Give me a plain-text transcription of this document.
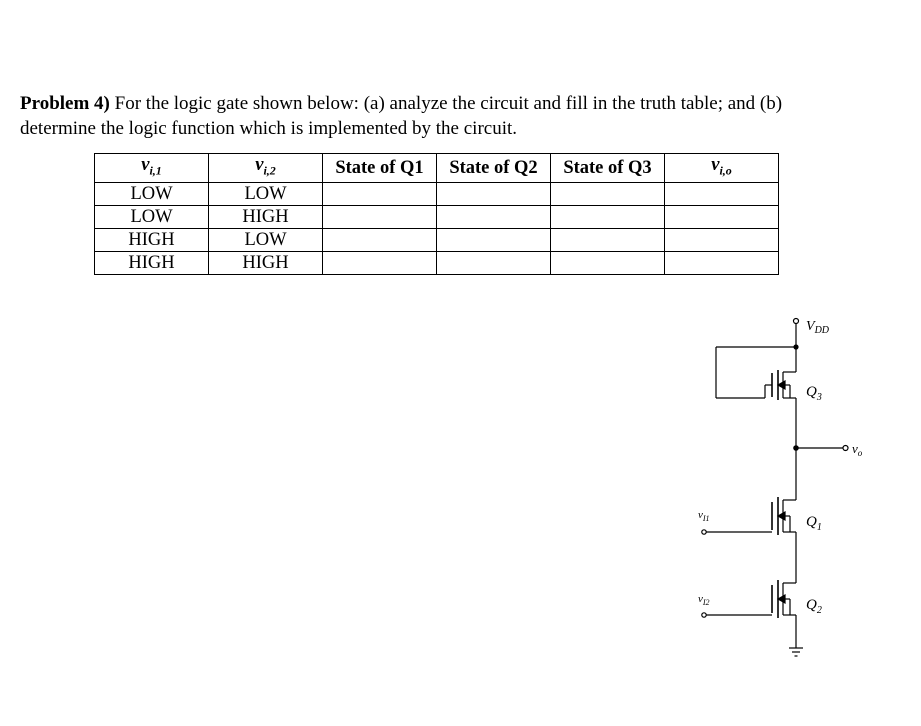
Problem 4) For the logic gate shown below: (a) analyze the circuit and fill in the truth table; and (b)
determine the logic function which is implemented by the circuit.
$v_{i,1}$	$v_{i,2}$	State of Q1	State of Q2	State of Q3	$v_{i,o}$
LOW	LOW				
LOW	HIGH				
HIGH	LOW				
HIGH	HIGH				
$V_{DD}$
$Q_3$
$v_o$
$Q_1$
$Q_2$
$v_{I1}$
$v_{I2}$
